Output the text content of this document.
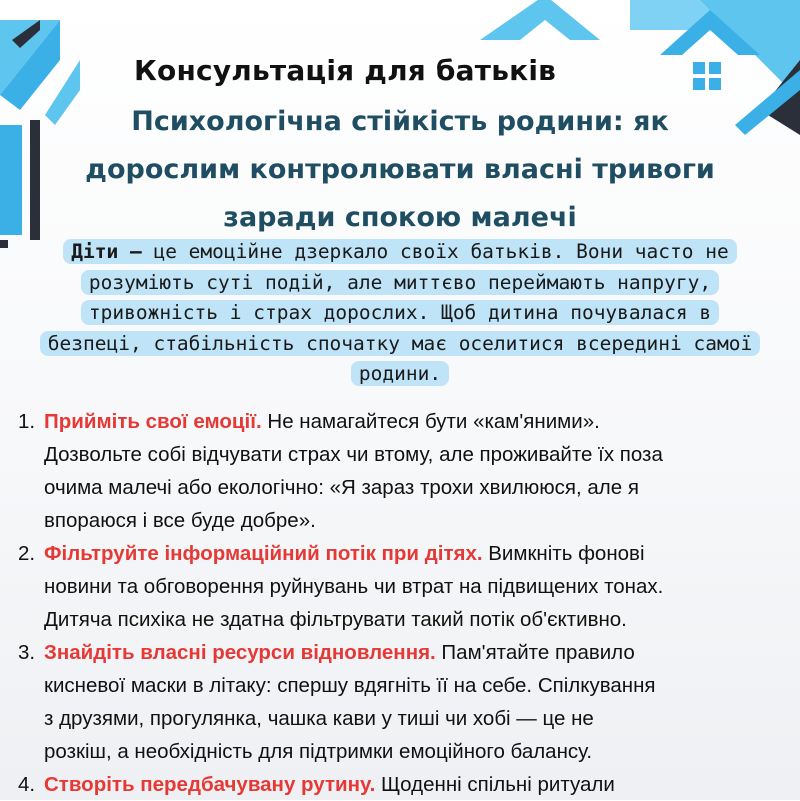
Консультація для батьків
Психологічна стійкість родини: як
дорослим контролювати власні тривоги
заради спокою малечі
Діти — це емоційне дзеркало своїх батьків. Вони часто не
розуміють суті подій, але миттєво переймають напругу,
тривожність і страх дорослих. Щоб дитина почувалася в
безпеці, стабільність спочатку має оселитися всередині самої
родини.
1. Прийміть свої емоції. Не намагайтеся бути «кам'яними».
Дозвольте собі відчувати страх чи втому, але проживайте їх поза
очима малечі або екологічно: «Я зараз трохи хвилююся, але я
впораюся і все буде добре».
2. Фільтруйте інформаційний потік при дітях. Вимкніть фонові
новини та обговорення руйнувань чи втрат на підвищених тонах.
Дитяча психіка не здатна фільтрувати такий потік об'єктивно.
3. Знайдіть власні ресурси відновлення. Пам'ятайте правило
кисневої маски в літаку: спершу вдягніть її на себе. Спілкування
з друзями, прогулянка, чашка кави у тиші чи хобі — це не
розкіш, а необхідність для підтримки емоційного балансу.
4. Створіть передбачувану рутину. Щоденні спільні ритуали
